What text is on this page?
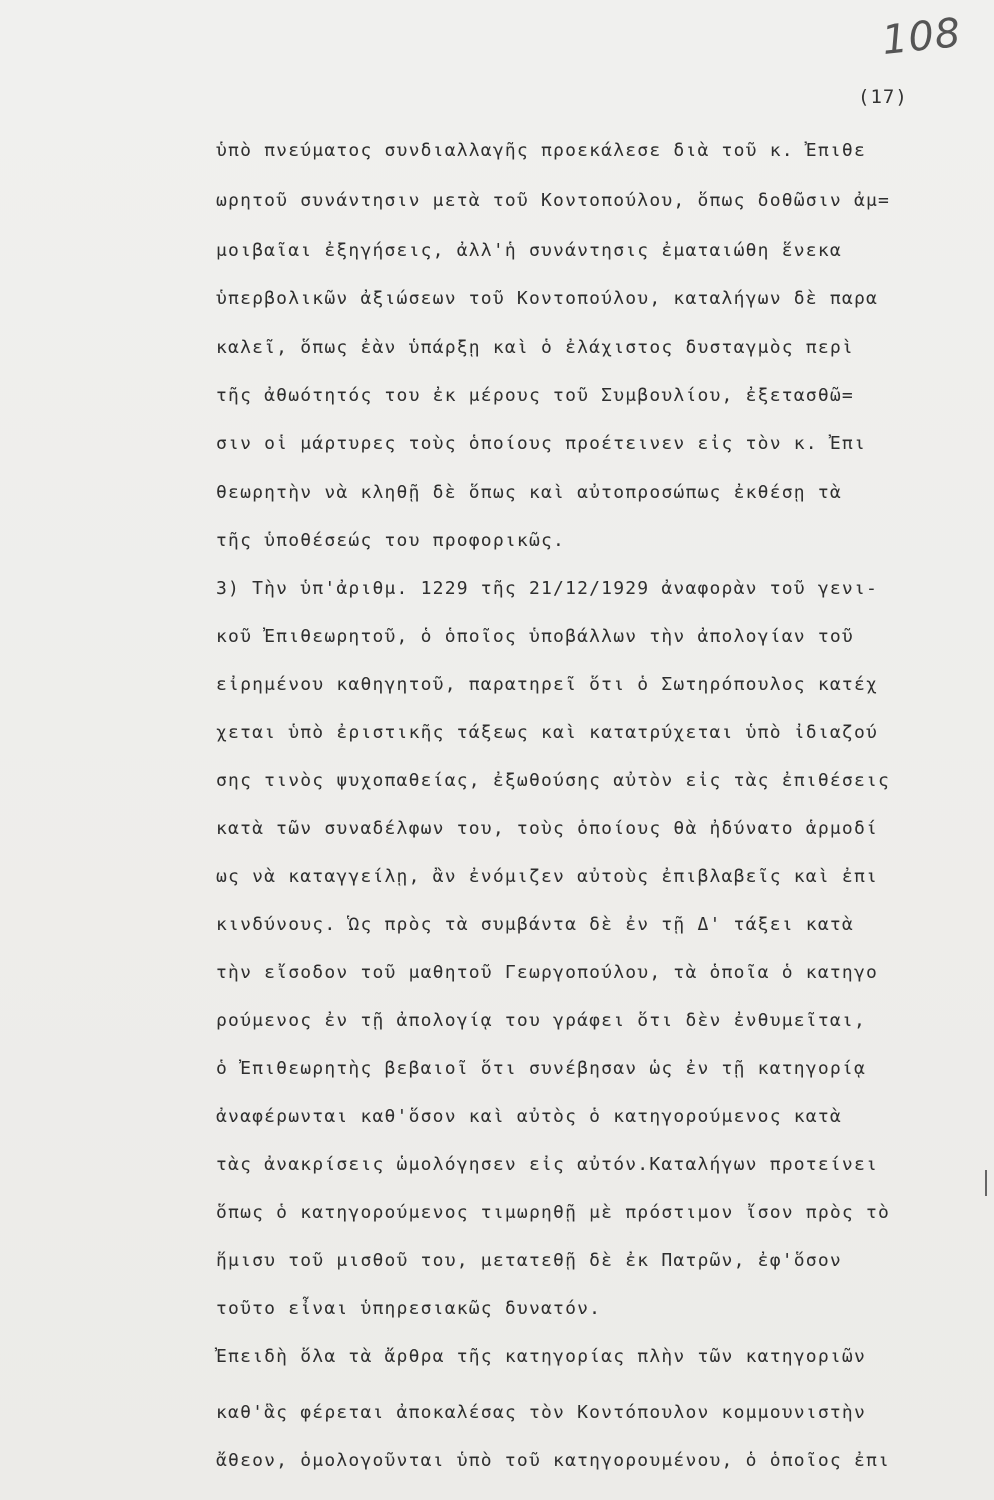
108
(17)
ὑπὸ πνεύματος συνδιαλλαγῆς προεκάλεσε διὰ τοῦ κ. Ἐπιθε
ωρητοῦ συνάντησιν μετὰ τοῦ Κοντοπούλου, ὅπως δοθῶσιν ἀμ=
μοιβαῖαι ἐξηγήσεις, ἀλλ'ἡ συνάντησις ἐματαιώθη ἕνεκα
ὑπερβολικῶν ἀξιώσεων τοῦ Κοντοπούλου, καταλήγων δὲ παρα
καλεῖ, ὅπως ἐὰν ὑπάρξῃ καὶ ὁ ἐλάχιστος δυσταγμὸς περὶ
τῆς ἀθωότητός του ἐκ μέρους τοῦ Συμβουλίου, ἐξετασθῶ=
σιν οἱ μάρτυρες τοὺς ὁποίους προέτεινεν εἰς τὸν κ. Ἐπι
θεωρητὴν νὰ κληθῇ δὲ ὅπως καὶ αὐτοπροσώπως ἐκθέσῃ τὰ
τῆς ὑποθέσεώς του προφορικῶς.
3) Τὴν ὑπ'ἀριθμ. 1229 τῆς 21/12/1929 ἀναφορὰν τοῦ γενι-
κοῦ Ἐπιθεωρητοῦ, ὁ ὁποῖος ὑποβάλλων τὴν ἀπολογίαν τοῦ
εἰρημένου καθηγητοῦ, παρατηρεῖ ὅτι ὁ Σωτηρόπουλος κατέχ
χεται ὑπὸ ἐριστικῆς τάξεως καὶ κατατρύχεται ὑπὸ ἰδιαζού
σης τινὸς ψυχοπαθείας, ἐξωθούσης αὐτὸν εἰς τὰς ἐπιθέσεις
κατὰ τῶν συναδέλφων του, τοὺς ὁποίους θὰ ἠδύνατο ἁρμοδί
ως νὰ καταγγείλῃ, ἂν ἐνόμιζεν αὐτοὺς ἐπιβλαβεῖς καὶ ἐπι
κινδύνους. Ὡς πρὸς τὰ συμβάντα δὲ ἐν τῇ Δ' τάξει κατὰ
τὴν εἴσοδον τοῦ μαθητοῦ Γεωργοπούλου, τὰ ὁποῖα ὁ κατηγο
ρούμενος ἐν τῇ ἀπολογίᾳ του γράφει ὅτι δὲν ἐνθυμεῖται,
ὁ Ἐπιθεωρητὴς βεβαιοῖ ὅτι συνέβησαν ὡς ἐν τῇ κατηγορίᾳ
ἀναφέρωνται καθ'ὅσον καὶ αὐτὸς ὁ κατηγορούμενος κατὰ
τὰς ἀνακρίσεις ὡμολόγησεν εἰς αὐτόν.Καταλήγων προτείνει
ὅπως ὁ κατηγορούμενος τιμωρηθῇ μὲ πρόστιμον ἴσον πρὸς τὸ
ἥμισυ τοῦ μισθοῦ του, μετατεθῇ δὲ ἐκ Πατρῶν, ἐφ'ὅσον
τοῦτο εἶναι ὑπηρεσιακῶς δυνατόν.
Ἐπειδὴ ὅλα τὰ ἄρθρα τῆς κατηγορίας πλὴν τῶν κατηγοριῶν
καθ'ἃς φέρεται ἀποκαλέσας τὸν Κοντόπουλον κομμουνιστὴν
ἄθεον, ὁμολογοῦνται ὑπὸ τοῦ κατηγορουμένου, ὁ ὁποῖος ἐπι
